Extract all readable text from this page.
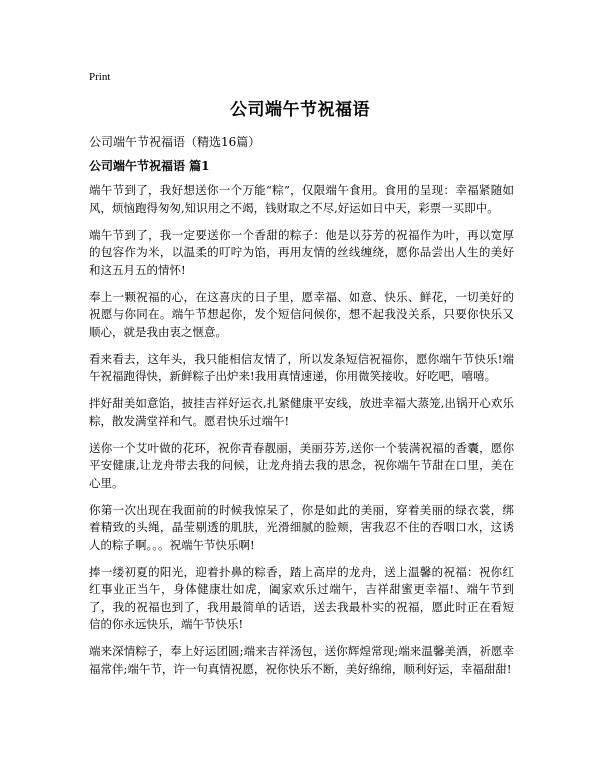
Print
公司端午节祝福语
公司端午节祝福语（精选16篇）
公司端午节祝福语 篇1

端午节到了，我好想送你一个万能“粽”，仅限端午食用。食用的呈现：幸福紧随如风，烦恼跑得匆匆,知识用之不竭，钱财取之不尽,好运如日中天，彩票一买即中。

端午节到了，我一定要送你一个香甜的粽子：他是以芬芳的祝福作为叶，再以宽厚的包容作为米，以温柔的叮咛为馅，再用友情的丝线缠绕，愿你品尝出人生的美好和这五月五的情怀!

奉上一颗祝福的心，在这喜庆的日子里，愿幸福、如意、快乐、鲜花，一切美好的祝愿与你同在。端午节想起你，发个短信问候你，想不起我没关系，只要你快乐又顺心，就是我由衷之惬意。

看来看去，这年头，我只能相信友情了，所以发条短信祝福你，愿你端午节快乐!端午祝福跑得快，新鲜粽子出炉来!我用真情速递，你用微笑接收。好吃吧，嘻嘻。

拌好甜美如意馅，披挂吉祥好运衣,扎紧健康平安线，放进幸福大蒸笼,出锅开心欢乐粽，散发满堂祥和气。愿君快乐过端午!

送你一个艾叶做的花环，祝你青春靓丽，美丽芬芳,送你一个装满祝福的香囊，愿你平安健康,让龙舟带去我的问候，让龙舟捎去我的思念，祝你端午节甜在口里，美在心里。

你第一次出现在我面前的时候我惊呆了，你是如此的美丽，穿着美丽的绿衣裳，绑着精致的头绳，晶莹剔透的肌肤，光滑细腻的脸颊，害我忍不住的吞咽口水，这诱人的粽子啊。。。祝端午节快乐啊!

捧一缕初夏的阳光，迎着扑鼻的粽香，踏上高岸的龙舟，送上温馨的祝福：祝你红红事业正当午，身体健康壮如虎，阖家欢乐过端午，吉祥甜蜜更幸福!、端午节到了，我的祝福也到了，我用最简单的话语，送去我最朴实的祝福，愿此时正在看短信的你永远快乐，端午节快乐!

端来深情粽子，奉上好运团圆;端来吉祥汤包，送你辉煌常现;端来温馨美酒，祈愿幸福常伴;端午节，许一句真情祝愿，祝你快乐不断，美好绵绵，顺利好运，幸福甜甜!
